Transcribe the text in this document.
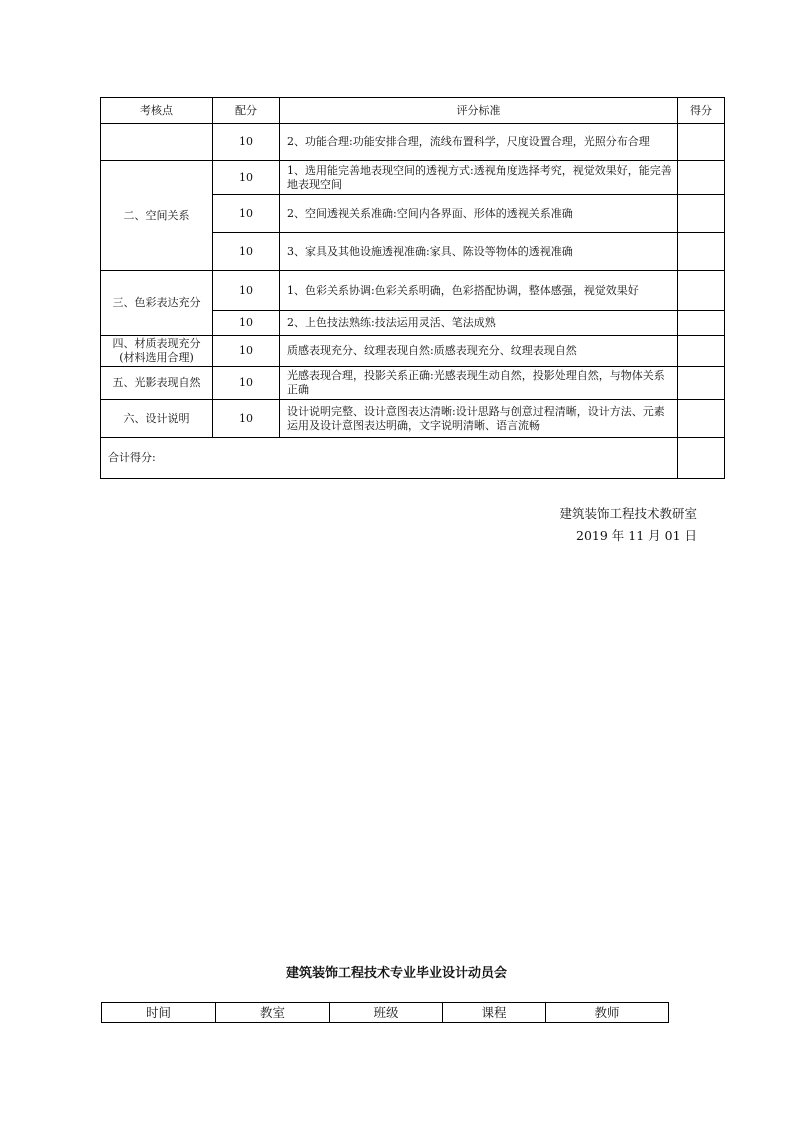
考核点	配分	评分标准	得分
	10	2、功能合理:功能安排合理，流线布置科学，尺度设置合理，光照分布合理	
二、空间关系	10	1、选用能完善地表现空间的透视方式:透视角度选择考究，视觉效果好，能完善地表现空间	
	10	2、空间透视关系准确:空间内各界面、形体的透视关系准确	
	10	3、家具及其他设施透视准确:家具、陈设等物体的透视准确	
三、色彩表达充分	10	1、色彩关系协调:色彩关系明确，色彩搭配协调，整体感强，视觉效果好	
	10	2、上色技法熟练:技法运用灵活、笔法成熟	
四、材质表现充分
(材料选用合理)	10	质感表现充分、纹理表现自然:质感表现充分、纹理表现自然	
五、光影表现自然	10	光感表现合理，投影关系正确:光感表现生动自然，投影处理自然，与物体关系正确	
六、设计说明	10	设计说明完整、设计意图表达清晰:设计思路与创意过程清晰，设计方法、元素运用及设计意图表达明确，文字说明清晰、语言流畅	
合计得分:			
建筑装饰工程技术教研室
2019 年 11 月 01 日
建筑装饰工程技术专业毕业设计动员会
时间	教室	班级	课程	教师
